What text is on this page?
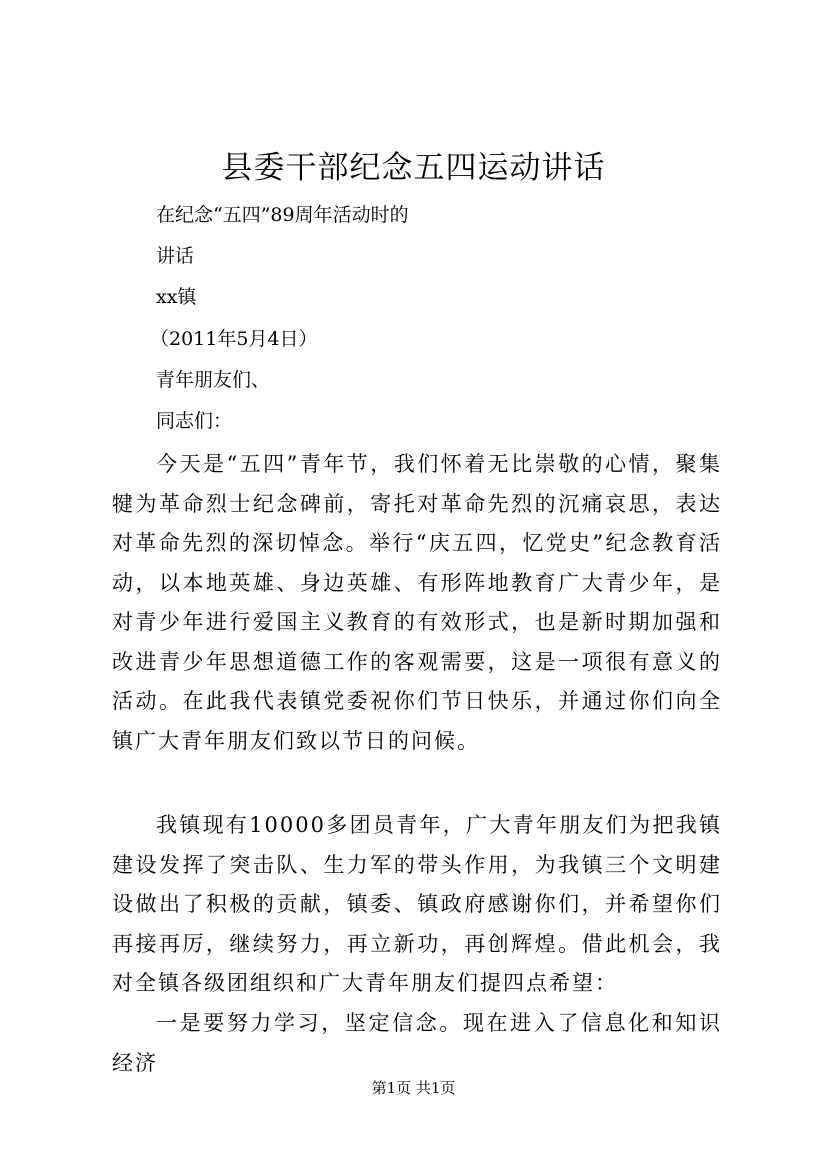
县委干部纪念五四运动讲话
在纪念“五四”89周年活动时的
讲话
xx镇
（2011年5月4日）
青年朋友们、
同志们：

今天是“五四”青年节，我们怀着无比崇敬的心情，聚集犍为革命烈士纪念碑前，寄托对革命先烈的沉痛哀思，表达对革命先烈的深切悼念。举行“庆五四，忆党史”纪念教育活动，以本地英雄、身边英雄、有形阵地教育广大青少年，是对青少年进行爱国主义教育的有效形式，也是新时期加强和改进青少年思想道德工作的客观需要，这是一项很有意义的活动。在此我代表镇党委祝你们节日快乐，并通过你们向全镇广大青年朋友们致以节日的问候。

我镇现有10000多团员青年，广大青年朋友们为把我镇建设发挥了突击队、生力军的带头作用，为我镇三个文明建设做出了积极的贡献，镇委、镇政府感谢你们，并希望你们再接再厉，继续努力，再立新功，再创辉煌。借此机会，我对全镇各级团组织和广大青年朋友们提四点希望：

一是要努力学习，坚定信念。现在进入了信息化和知识经济

第1页 共1页
